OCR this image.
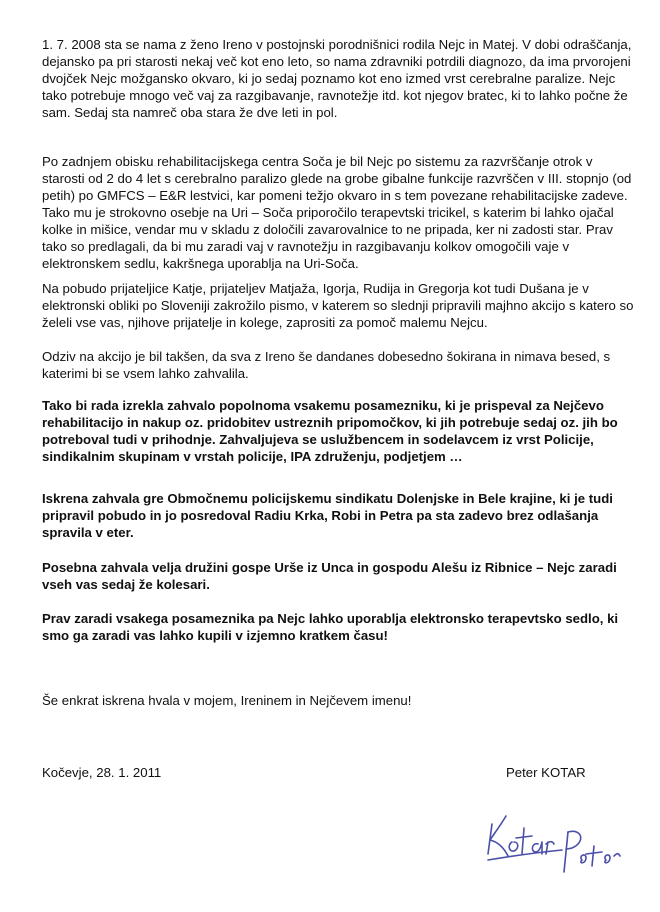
1. 7. 2008 sta se nama z ženo Ireno v postojnski porodnišnici rodila Nejc in Matej. V dobi odraščanja, dejansko pa pri starosti nekaj več kot eno leto, so nama zdravniki potrdili diagnozo, da ima prvorojeni dvojček Nejc možgansko okvaro, ki jo sedaj poznamo kot eno izmed vrst cerebralne paralize. Nejc tako potrebuje mnogo več vaj za razgibavanje, ravnotežje itd. kot njegov bratec, ki to lahko počne že sam. Sedaj sta namreč oba stara že dve leti in pol.

Po zadnjem obisku rehabilitacijskega centra Soča je bil Nejc po sistemu za razvrščanje otrok v starosti od 2 do 4 let s cerebralno paralizo glede na grobe gibalne funkcije razvrščen v III. stopnjo (od petih) po GMFCS – E&R lestvici, kar pomeni težjo okvaro in s tem povezane rehabilitacijske zadeve. Tako mu je strokovno osebje na Uri – Soča priporočilo terapevtski tricikel, s katerim bi lahko ojačal kolke in mišice, vendar mu v skladu z določili zavarovalnice to ne pripada, ker ni zadosti star. Prav tako so predlagali, da bi mu zaradi vaj v ravnotežju in razgibavanju kolkov omogočili vaje v elektronskem sedlu, kakršnega uporablja na Uri-Soča.

Na pobudo prijateljice Katje, prijateljev Matjaža, Igorja, Rudija in Gregorja kot tudi Dušana je v elektronski obliki po Sloveniji zakrožilo pismo, v katerem so slednji pripravili majhno akcijo s katero so želeli vse vas, njihove prijatelje in kolege, zaprositi za pomoč malemu Nejcu.

Odziv na akcijo je bil takšen, da sva z Ireno še dandanes dobesedno šokirana in nimava besed, s katerimi bi se vsem lahko zahvalila.

Tako bi rada izrekla zahvalo popolnoma vsakemu posamezniku, ki je prispeval za Nejčevo rehabilitacijo in nakup oz. pridobitev ustreznih pripomočkov, ki jih potrebuje sedaj oz. jih bo potreboval tudi v prihodnje. Zahvaljujeva se uslužbencem in sodelavcem iz vrst Policije, sindikalnim skupinam v vrstah policije, IPA združenju, podjetjem …

Iskrena zahvala gre Območnemu policijskemu sindikatu Dolenjske in Bele krajine, ki je tudi pripravil pobudo in jo posredoval Radiu Krka, Robi in Petra pa sta zadevo brez odlašanja spravila v eter.

Posebna zahvala velja družini gospe Urše iz Unca in gospodu Alešu iz Ribnice – Nejc zaradi vseh vas sedaj že kolesari.

Prav zaradi vsakega posameznika pa Nejc lahko uporablja elektronsko terapevtsko sedlo, ki smo ga zaradi vas lahko kupili v izjemno kratkem času!

Še enkrat iskrena hvala v mojem, Ireninem in Nejčevem imenu!

Kočevje, 28. 1. 2011	Peter KOTAR
